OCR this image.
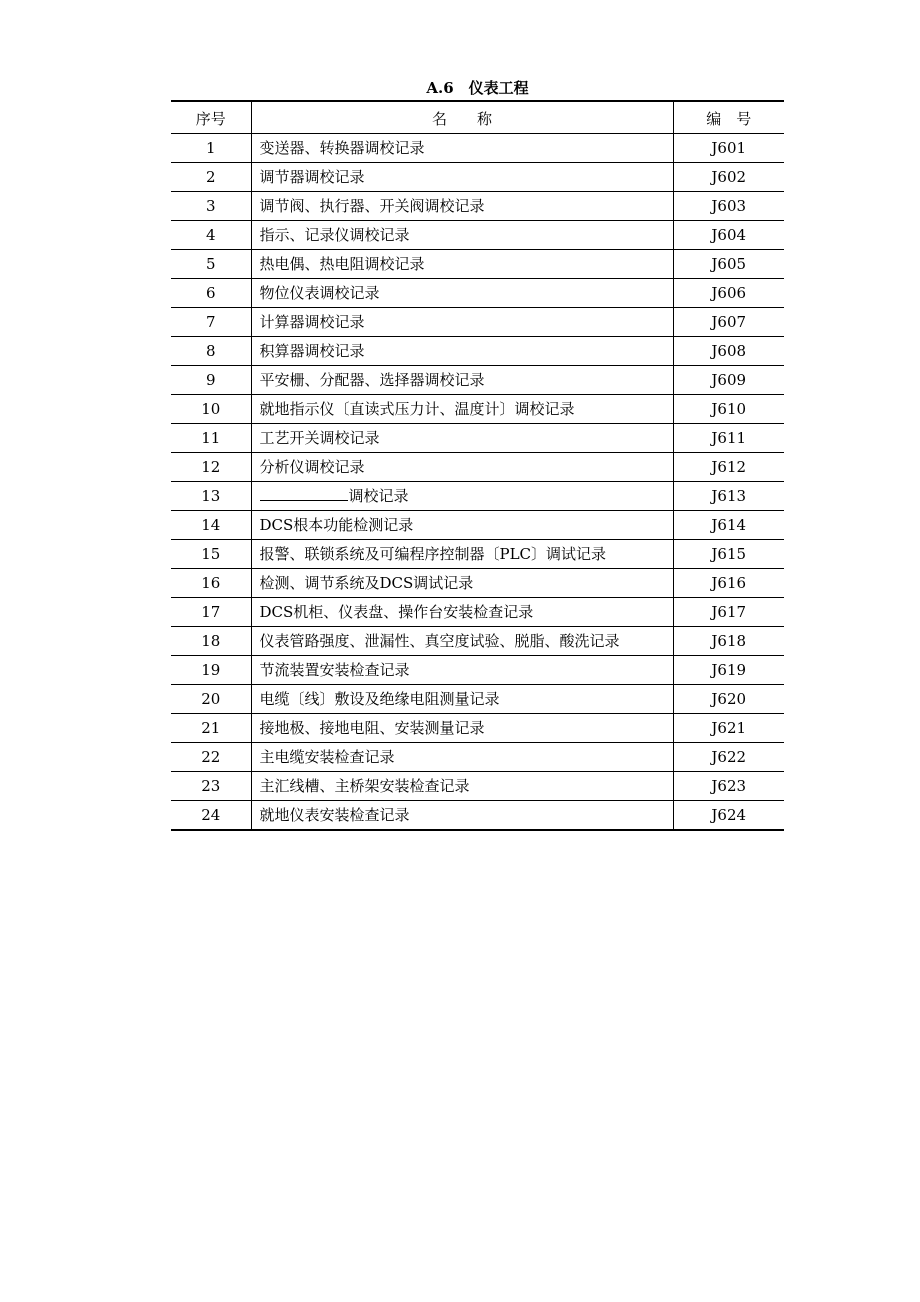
A.6　仪表工程
序号	名　　称	编　号
1	变送器、转换器调校记录	J601
2	调节器调校记录	J602
3	调节阀、执行器、开关阀调校记录	J603
4	指示、记录仪调校记录	J604
5	热电偶、热电阻调校记录	J605
6	物位仪表调校记录	J606
7	计算器调校记录	J607
8	积算器调校记录	J608
9	平安栅、分配器、选择器调校记录	J609
10	就地指示仪〔直读式压力计、温度计〕调校记录	J610
11	工艺开关调校记录	J611
12	分析仪调校记录	J612
13	调校记录	J613
14	DCS根本功能检测记录	J614
15	报警、联锁系统及可编程序控制器〔PLC〕调试记录	J615
16	检测、调节系统及DCS调试记录	J616
17	DCS机柜、仪表盘、操作台安装检查记录	J617
18	仪表管路强度、泄漏性、真空度试验、脱脂、酸洗记录	J618
19	节流装置安装检查记录	J619
20	电缆〔线〕敷设及绝缘电阻测量记录	J620
21	接地极、接地电阻、安装测量记录	J621
22	主电缆安装检查记录	J622
23	主汇线槽、主桥架安装检查记录	J623
24	就地仪表安装检查记录	J624
